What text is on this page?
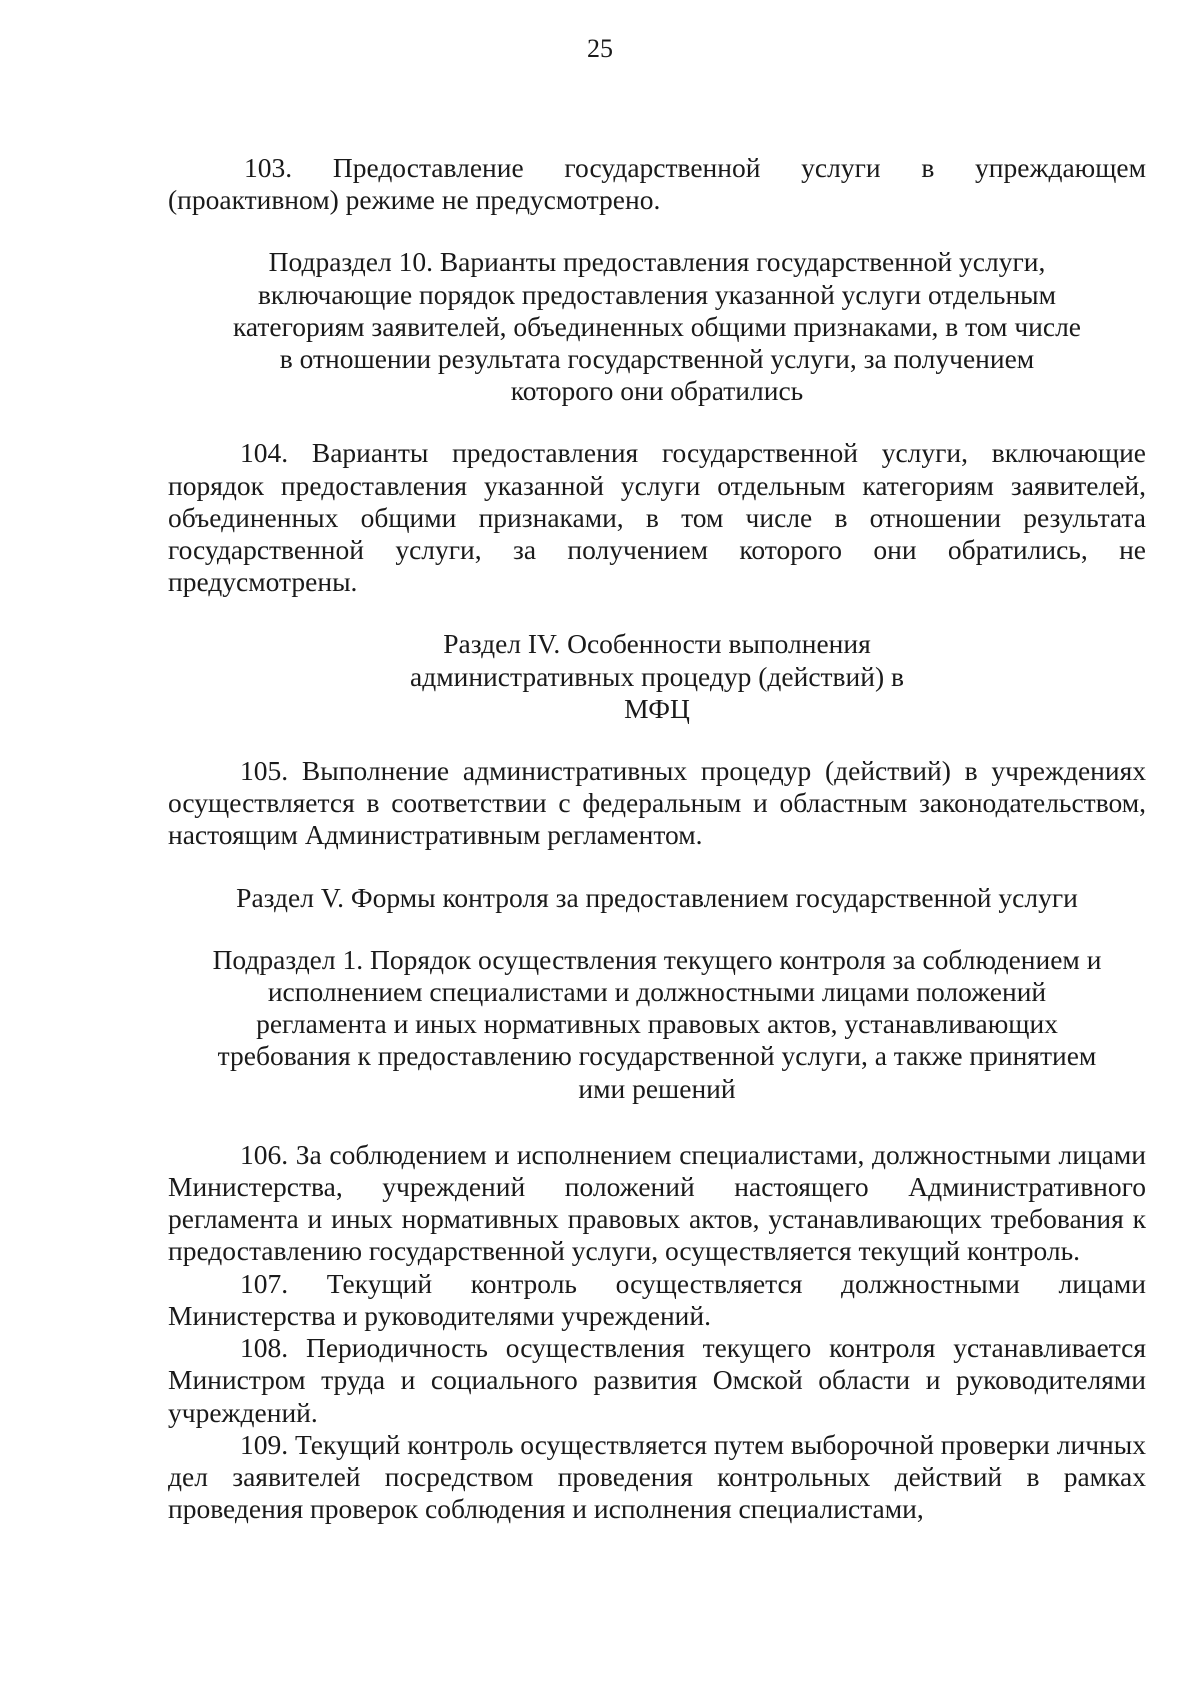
25

103. Предоставление государственной услуги в упреждающем (проактивном) режиме не предусмотрено.

Подраздел 10. Варианты предоставления государственной услуги, включающие порядок предоставления указанной услуги отдельным категориям заявителей, объединенных общими признаками, в том числе в отношении результата государственной услуги, за получением которого они обратились

104. Варианты предоставления государственной услуги, включающие порядок предоставления указанной услуги отдельным категориям заявителей, объединенных общими признаками, в том числе в отношении результата государственной услуги, за получением которого они обратились, не предусмотрены.

Раздел IV. Особенности выполнения административных процедур (действий) в МФЦ

105. Выполнение административных процедур (действий) в учреждениях осуществляется в соответствии с федеральным и областным законодательством, настоящим Административным регламентом.

Раздел V. Формы контроля за предоставлением государственной услуги

Подраздел 1. Порядок осуществления текущего контроля за соблюдением и исполнением специалистами и должностными лицами положений регламента и иных нормативных правовых актов, устанавливающих требования к предоставлению государственной услуги, а также принятием ими решений

106. За соблюдением и исполнением специалистами, должностными лицами Министерства, учреждений положений настоящего Административного регламента и иных нормативных правовых актов, устанавливающих требования к предоставлению государственной услуги, осуществляется текущий контроль.

107. Текущий контроль осуществляется должностными лицами Министерства и руководителями учреждений.

108. Периодичность осуществления текущего контроля устанавливается Министром труда и социального развития Омской области и руководителями учреждений.

109. Текущий контроль осуществляется путем выборочной проверки личных дел заявителей посредством проведения контрольных действий в рамках проведения проверок соблюдения и исполнения специалистами,
